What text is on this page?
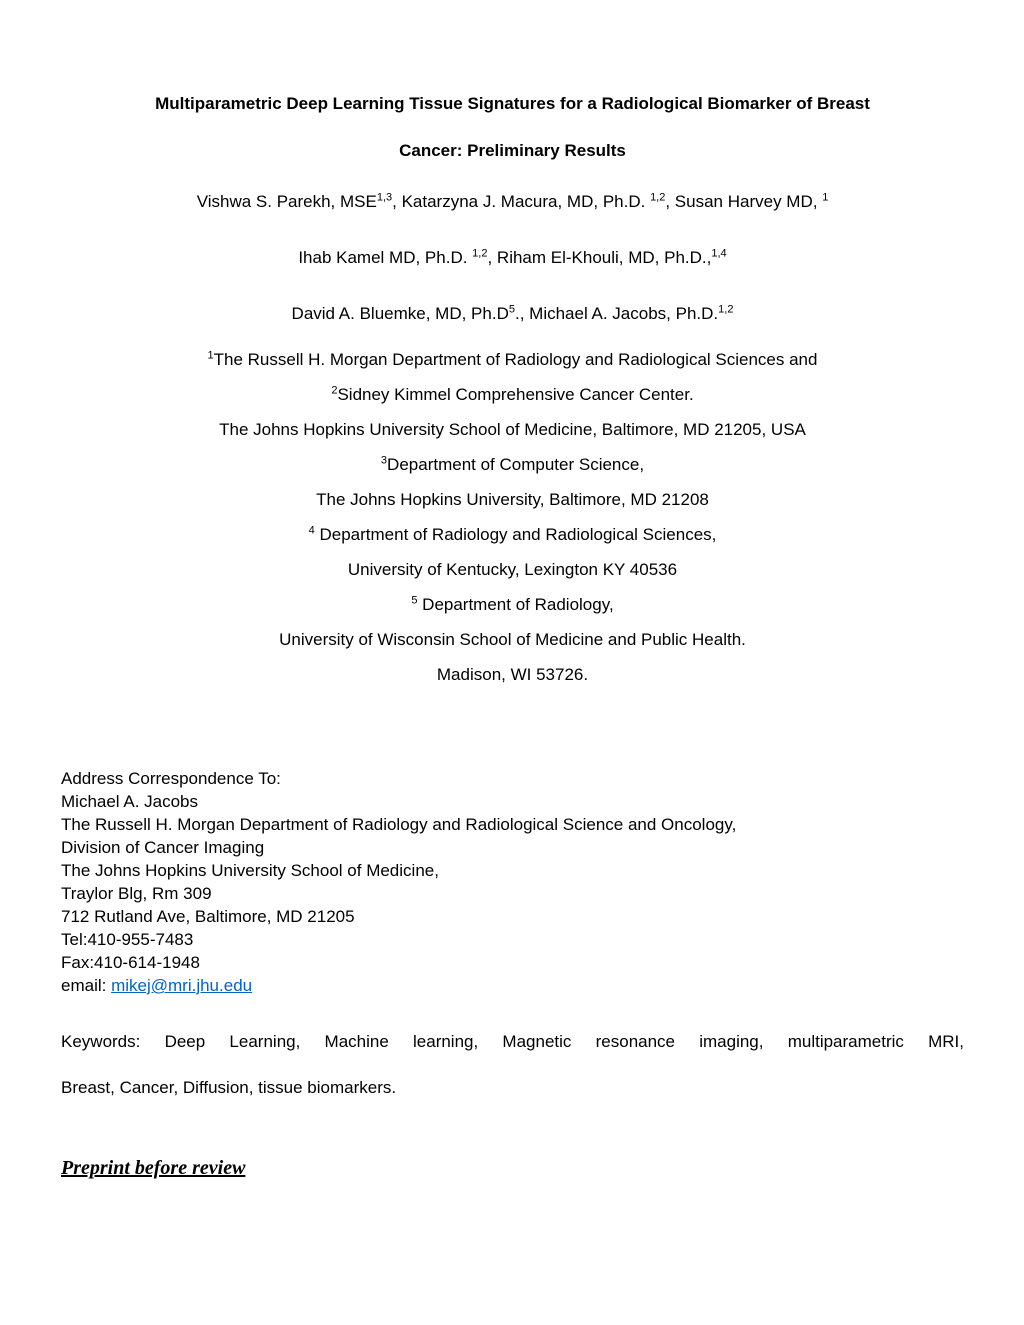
Multiparametric Deep Learning Tissue Signatures for a Radiological Biomarker of Breast
Cancer: Preliminary Results
Vishwa S. Parekh, MSE$^{1,3}$, Katarzyna J. Macura, MD, Ph.D. $^{1,2}$, Susan Harvey MD, $^1$
Ihab Kamel MD, Ph.D. $^{1,2}$, Riham El-Khouli, MD, Ph.D.,$^{1,4}$
David A. Bluemke, MD, $Ph.D^5$., Michael A. Jacobs, Ph.D.$^{1,2}$
$^1$The Russell H. Morgan Department of Radiology and Radiological Sciences and
$^2$Sidney Kimmel Comprehensive Cancer Center.
The Johns Hopkins University School of Medicine, Baltimore, MD 21205, USA
$^3$Department of Computer Science,
The Johns Hopkins University, Baltimore, MD 21208
$^4$ Department of Radiology and Radiological Sciences,
University of Kentucky, Lexington KY 40536
$^5$ Department of Radiology,
University of Wisconsin School of Medicine and Public Health.
Madison, WI 53726.
Address Correspondence To:
Michael A. Jacobs
The Russell H. Morgan Department of Radiology and Radiological Science and Oncology,
Division of Cancer Imaging
The Johns Hopkins University School of Medicine,
Traylor Blg, Rm 309
712 Rutland Ave, Baltimore, MD 21205
Tel:410-955-7483
Fax:410-614-1948
email: mikej@mri.jhu.edu
Keywords: Deep Learning, Machine learning, Magnetic resonance imaging, multiparametric MRI,
Breast, Cancer, Diffusion, tissue biomarkers.
Preprint before review
